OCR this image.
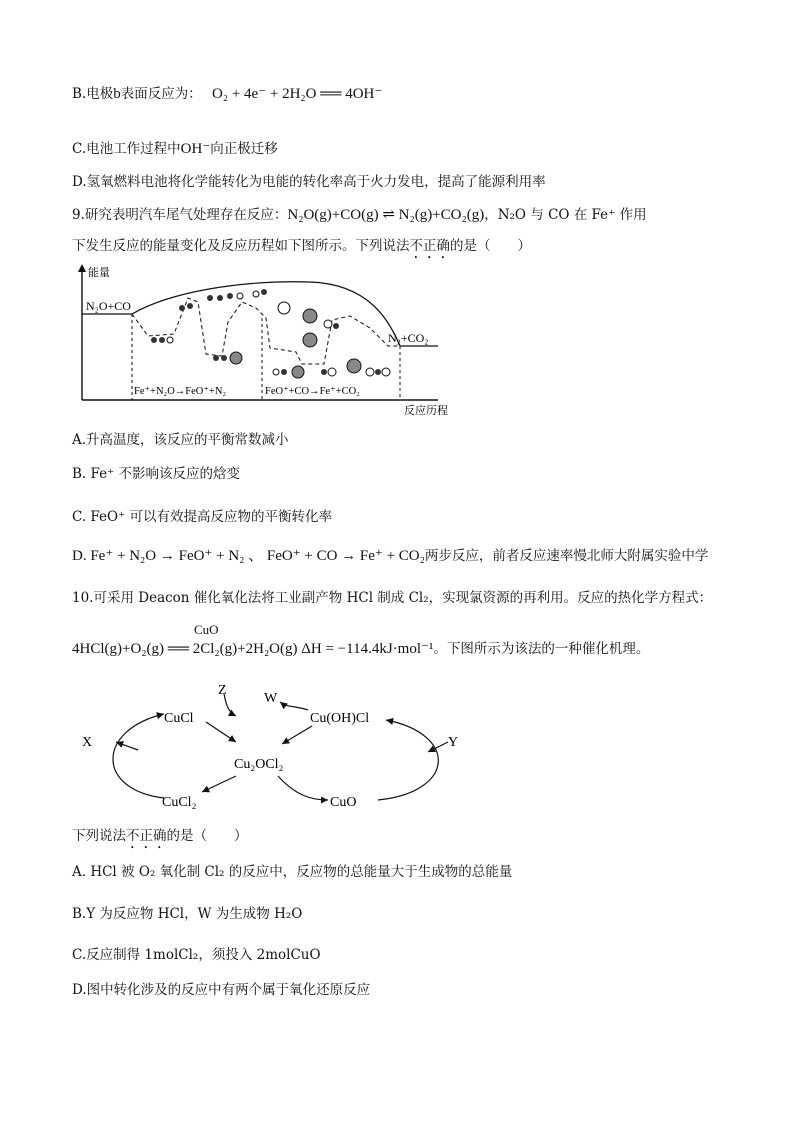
B.电极b表面反应为： O₂ + 4e⁻ + 2H₂O ══ 4OH⁻
C.电池工作过程中OH⁻向正极迁移
D.氢氧燃料电池将化学能转化为电能的转化率高于火力发电，提高了能源利用率
9.研究表明汽车尾气处理存在反应：N₂O(g)+CO(g) ⇌ N₂(g)+CO₂(g)，N₂O 与 CO 在 Fe⁺ 作用
下发生反应的能量变化及反应历程如下图所示。下列说法不正确的是（　　）
能量
反应历程
N₂O+CO
N₂+CO₂
Fe⁺+N₂O→FeO⁺+N₂	FeO⁺+CO→Fe⁺+CO₂
A.升高温度，该反应的平衡常数减小
B. Fe⁺ 不影响该反应的焓变
C. FeO⁺ 可以有效提高反应物的平衡转化率
D. Fe⁺ + N₂O → FeO⁺ + N₂ 、 FeO⁺ + CO → Fe⁺ + CO₂两步反应，前者反应速率慢北师大附属实验中学
10.可采用 Deacon 催化氧化法将工业副产物 HCl 制成 Cl₂，实现氯资源的再利用。反应的热化学方程式：
CuO
4HCl(g)+O₂(g) ══ 2Cl₂(g)+2H₂O(g) ΔH = −114.4kJ·mol⁻¹。下图所示为该法的一种催化机理。
CuCl	Cu(OH)Cl
Cu₂OCl₂
CuCl₂	CuO
X	Y
Z
W
下列说法不正确的是（　　）
A. HCl 被 O₂ 氧化制 Cl₂ 的反应中，反应物的总能量大于生成物的总能量
B.Y 为反应物 HCl，W 为生成物 H₂O
C.反应制得 1molCl₂，须投入 2molCuO
D.图中转化涉及的反应中有两个属于氧化还原反应
